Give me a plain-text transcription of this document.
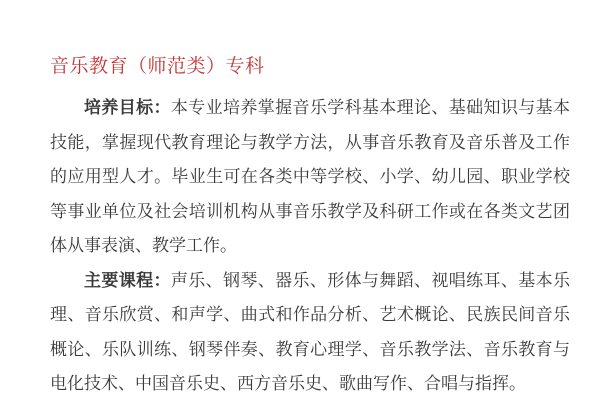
音乐教育（师范类）专科

培养目标：本专业培养掌握音乐学科基本理论、基础知识与基本技能，掌握现代教育理论与教学方法，从事音乐教育及音乐普及工作的应用型人才。毕业生可在各类中等学校、小学、幼儿园、职业学校等事业单位及社会培训机构从事音乐教学及科研工作或在各类文艺团体从事表演、教学工作。

主要课程：声乐、钢琴、器乐、形体与舞蹈、视唱练耳、基本乐理、音乐欣赏、和声学、曲式和作品分析、艺术概论、民族民间音乐概论、乐队训练、钢琴伴奏、教育心理学、音乐教学法、音乐教育与电化技术、中国音乐史、西方音乐史、歌曲写作、合唱与指挥。
